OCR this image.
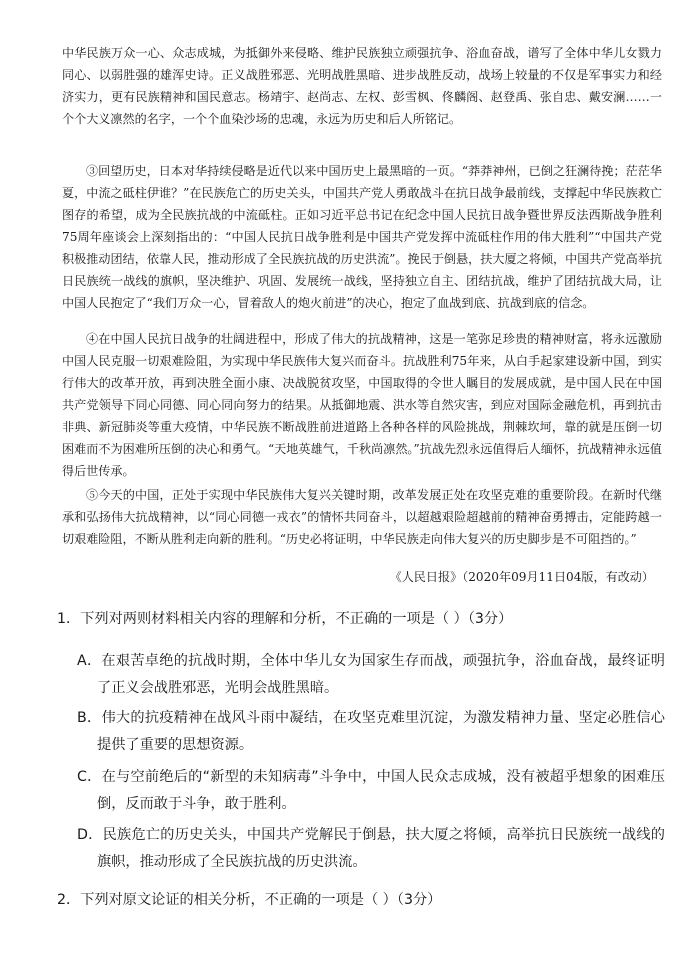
中华民族万众一心、众志成城，为抵御外来侵略、维护民族独立顽强抗争、浴血奋战，谱写了全体中华儿女戮力同心、以弱胜强的雄浑史诗。正义战胜邪恶、光明战胜黑暗、进步战胜反动，战场上较量的不仅是军事实力和经济实力，更有民族精神和国民意志。杨靖宇、赵尚志、左权、彭雪枫、佟麟阁、赵登禹、张自忠、戴安澜……一个个大义凛然的名字，一个个血染沙场的忠魂，永远为历史和后人所铭记。

③回望历史，日本对华持续侵略是近代以来中国历史上最黑暗的一页。“莽莽神州，已倒之狂澜待挽；茫茫华夏，中流之砥柱伊谁？”在民族危亡的历史关头，中国共产党人勇敢战斗在抗日战争最前线，支撑起中华民族救亡图存的希望，成为全民族抗战的中流砥柱。正如习近平总书记在纪念中国人民抗日战争暨世界反法西斯战争胜利75周年座谈会上深刻指出的：“中国人民抗日战争胜利是中国共产党发挥中流砥柱作用的伟大胜利”“中国共产党积极推动团结，依靠人民，推动形成了全民族抗战的历史洪流”。挽民于倒悬，扶大厦之将倾，中国共产党高举抗日民族统一战线的旗帜，坚决维护、巩固、发展统一战线，坚持独立自主、团结抗战，维护了团结抗战大局，让中国人民抱定了“我们万众一心，冒着敌人的炮火前进”的决心，抱定了血战到底、抗战到底的信念。

④在中国人民抗日战争的壮阔进程中，形成了伟大的抗战精神，这是一笔弥足珍贵的精神财富，将永远激励中国人民克服一切艰难险阻，为实现中华民族伟大复兴而奋斗。抗战胜利75年来，从白手起家建设新中国，到实行伟大的改革开放，再到决胜全面小康、决战脱贫攻坚，中国取得的令世人瞩目的发展成就，是中国人民在中国共产党领导下同心同德、同心同向努力的结果。从抵御地震、洪水等自然灾害，到应对国际金融危机，再到抗击非典、新冠肺炎等重大疫情，中华民族不断战胜前进道路上各种各样的风险挑战，荆棘坎坷，靠的就是压倒一切困难而不为困难所压倒的决心和勇气。“天地英雄气，千秋尚凛然。”抗战先烈永远值得后人缅怀，抗战精神永远值得后世传承。

⑤今天的中国，正处于实现中华民族伟大复兴关键时期，改革发展正处在攻坚克难的重要阶段。在新时代继承和弘扬伟大抗战精神，以“同心同德一戎衣”的情怀共同奋斗，以超越艰险超越前的精神奋勇搏击，定能跨越一切艰难险阻，不断从胜利走向新的胜利。“历史必将证明，中华民族走向伟大复兴的历史脚步是不可阻挡的。”

《人民日报》（2020年09月11日04版，有改动）
1．下列对两则材料相关内容的理解和分析，不正确的一项是（ ）（3分）
A．在艰苦卓绝的抗战时期，全体中华儿女为国家生存而战，顽强抗争，浴血奋战，最终证明了正义会战胜邪恶，光明会战胜黑暗。
B．伟大的抗疫精神在战风斗雨中凝结，在攻坚克难里沉淀，为激发精神力量、坚定必胜信心提供了重要的思想资源。
C．在与空前绝后的“新型的未知病毒”斗争中，中国人民众志成城，没有被超乎想象的困难压倒，反而敢于斗争，敢于胜利。
D．民族危亡的历史关头，中国共产党解民于倒悬，扶大厦之将倾，高举抗日民族统一战线的旗帜，推动形成了全民族抗战的历史洪流。
2．下列对原文论证的相关分析，不正确的一项是（ ）（3分）
